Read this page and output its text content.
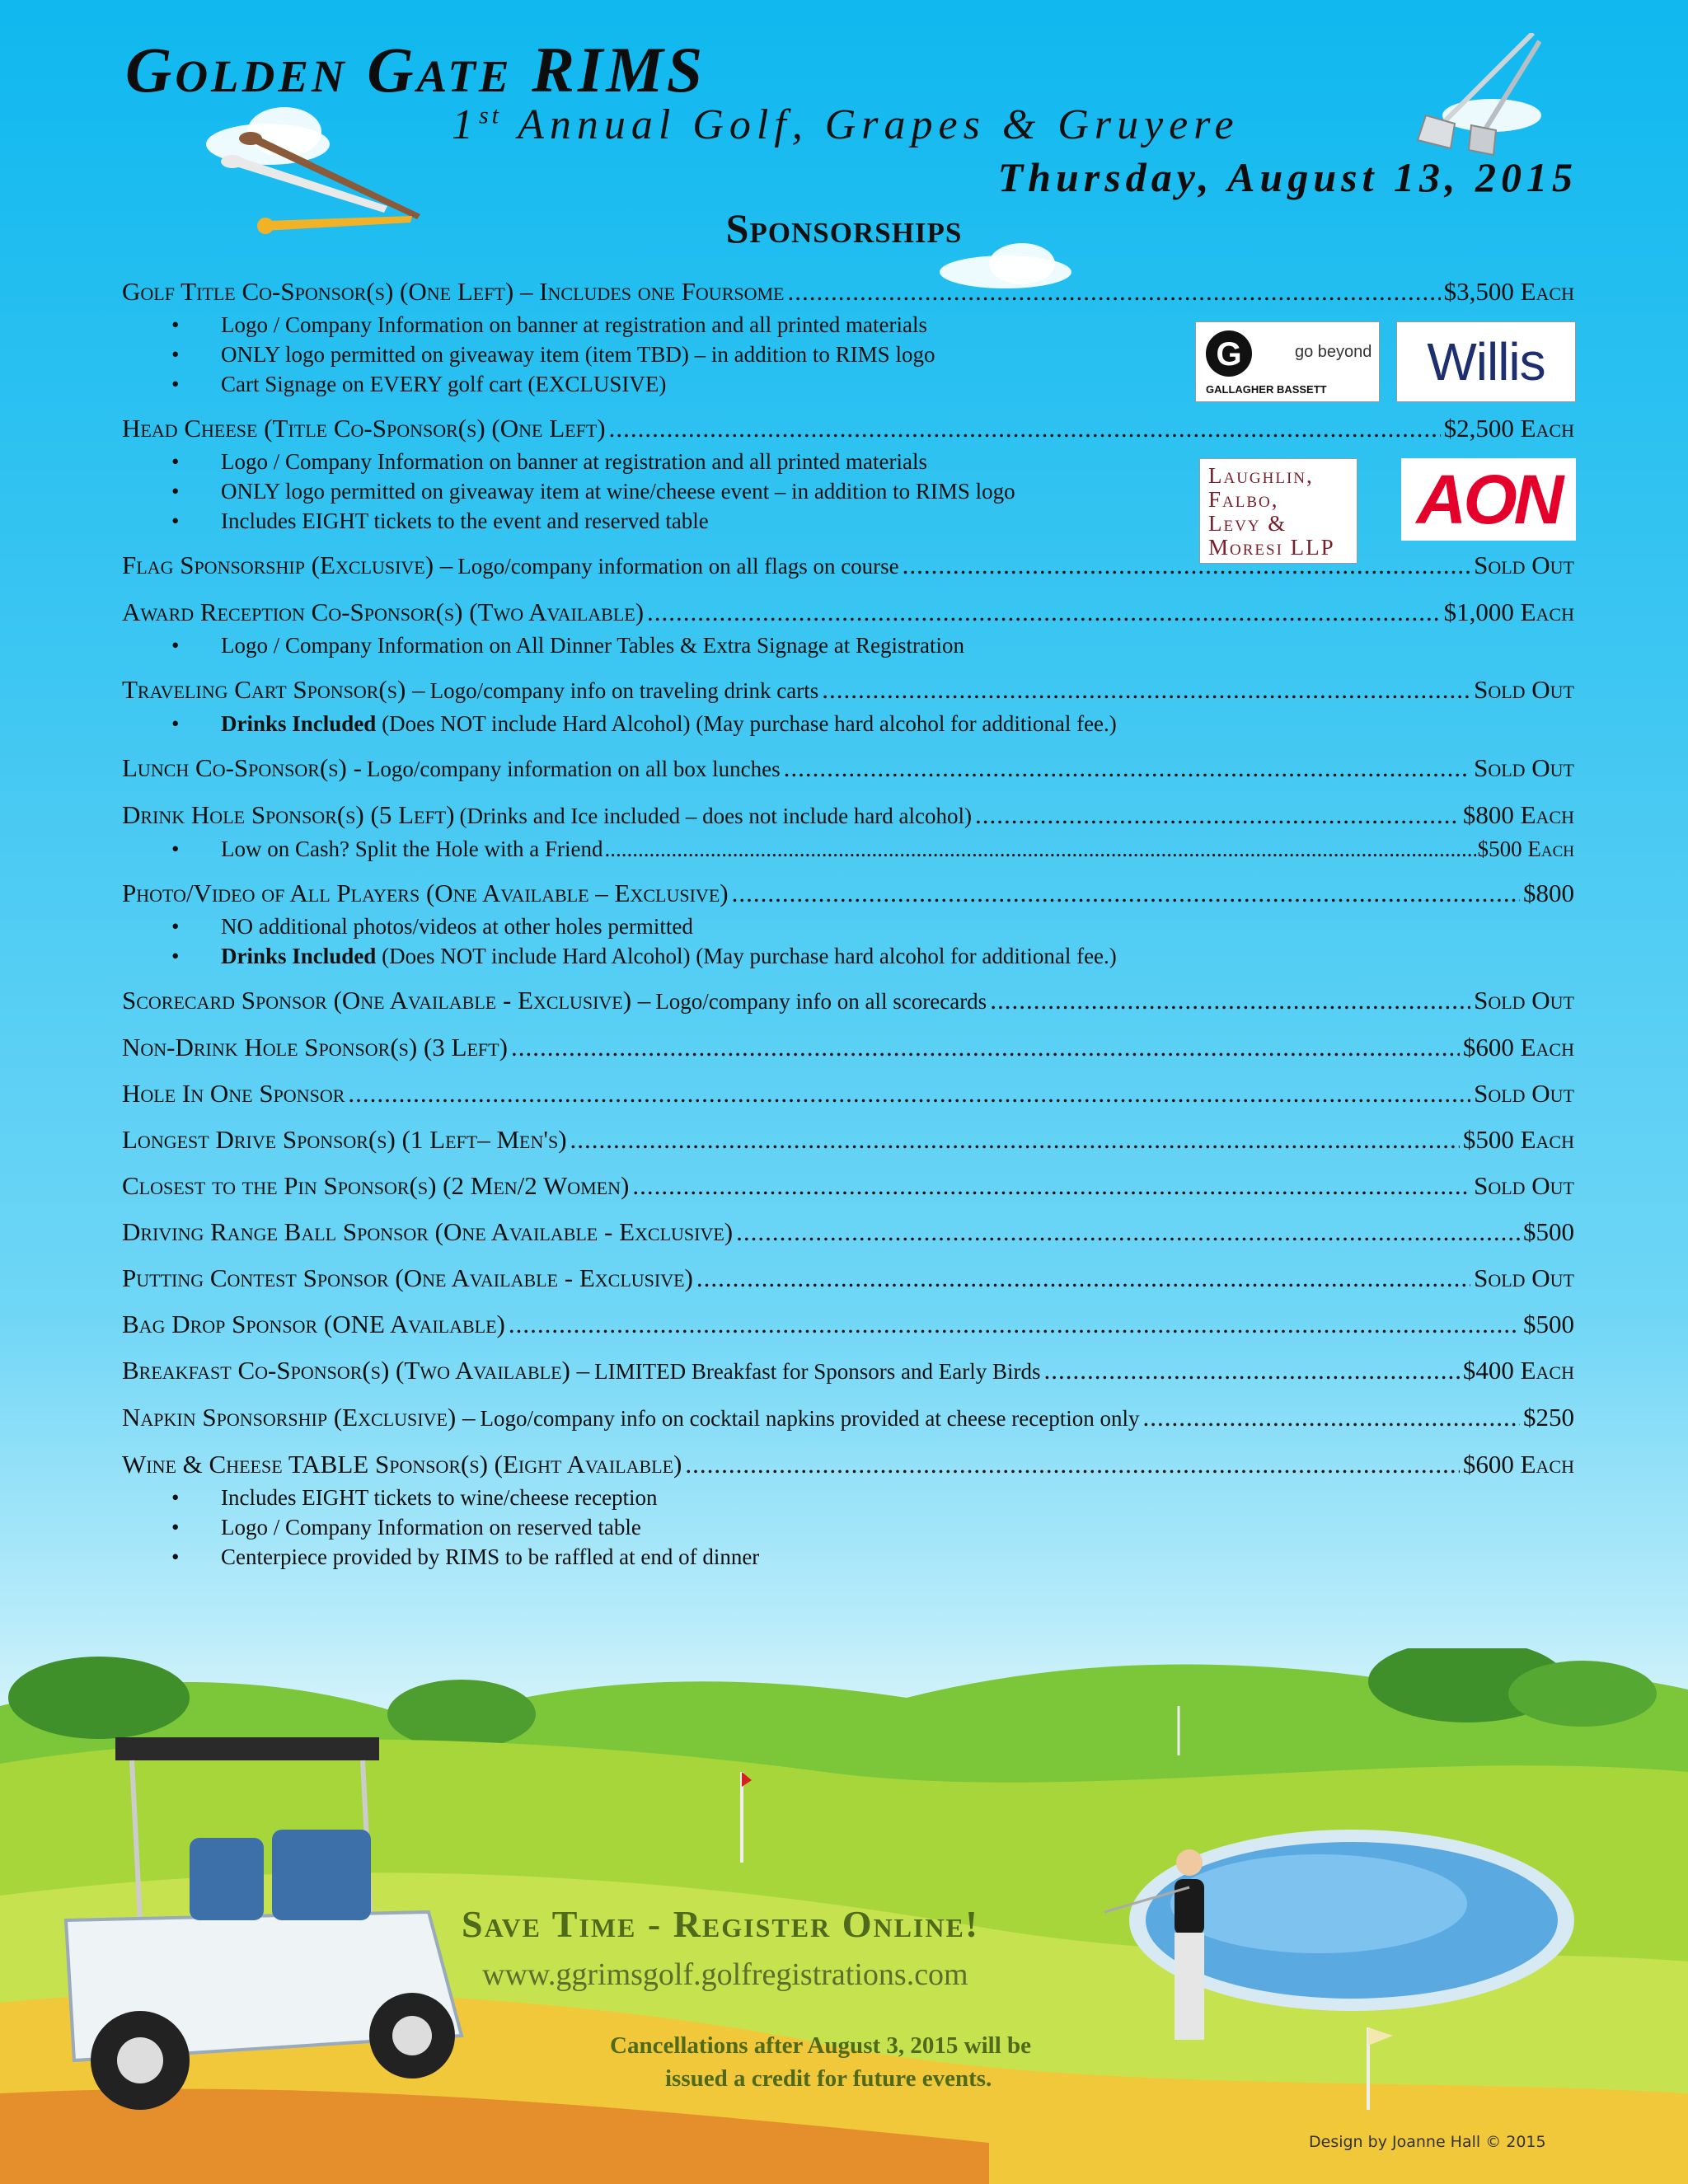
Golden Gate RIMS
1st Annual Golf, Grapes & Gruyere
Thursday, August 13, 2015
Sponsorships
Golf Title Co-Sponsor(s) (One Left) – Includes one Foursome .....	$3,500 Each
• Logo / Company Information on banner at registration and all printed materials
• ONLY logo permitted on giveaway item (item TBD) – in addition to RIMS logo
• Cart Signage on EVERY golf cart (EXCLUSIVE)
Head Cheese (Title Co-Sponsor(s) (One Left) .....	$2,500 Each
• Logo / Company Information on banner at registration and all printed materials
• ONLY logo permitted on giveaway item at wine/cheese event – in addition to RIMS logo
• Includes EIGHT tickets to the event and reserved table
Flag Sponsorship (Exclusive) – Logo/company information on all flags on course .....	Sold Out
Award Reception Co-Sponsor(s) (Two Available) .....	$1,000 Each
• Logo / Company Information on All Dinner Tables & Extra Signage at Registration
Traveling Cart Sponsor(s) – Logo/company info on traveling drink carts .....	Sold Out
• Drinks Included (Does NOT include Hard Alcohol) (May purchase hard alcohol for additional fee.)
Lunch Co-Sponsor(s) - Logo/company information on all box lunches .....	Sold Out
Drink Hole Sponsor(s) (5 Left) (Drinks and Ice included – does not include hard alcohol) .....	$800 Each
• Low on Cash? Split the Hole with a Friend .....	$500 Each
Photo/Video of All Players (One Available – Exclusive) .....	$800
• NO additional photos/videos at other holes permitted
• Drinks Included (Does NOT include Hard Alcohol) (May purchase hard alcohol for additional fee.)
Scorecard Sponsor (One Available - Exclusive) – Logo/company info on all scorecards .....	Sold Out
Non-Drink Hole Sponsor(s) (3 Left) .....	$600 Each
Hole In One Sponsor .....	Sold Out
Longest Drive Sponsor(s) (1 Left– Men's) .....	$500 Each
Closest to the Pin Sponsor(s) (2 Men/2 Women) .....	Sold Out
Driving Range Ball Sponsor (One Available - Exclusive) .....	$500
Putting Contest Sponsor (One Available - Exclusive) .....	Sold Out
Bag Drop Sponsor (ONE Available) .....	$500
Breakfast Co-Sponsor(s) (Two Available) – LIMITED Breakfast for Sponsors and Early Birds .....	$400 Each
Napkin Sponsorship (Exclusive) – Logo/company info on cocktail napkins provided at cheese reception only .....	$250
Wine & Cheese TABLE Sponsor(s) (Eight Available) .....	$600 Each
• Includes EIGHT tickets to wine/cheese reception
• Logo / Company Information on reserved table
• Centerpiece provided by RIMS to be raffled at end of dinner
G	go beyond
GALLAGHER BASSETT Willis
Laughlin,
Falbo,
Levy &
Moresi LLP
AON
Save Time - Register Online!
www.ggrimsgolf.golfregistrations.com
Cancellations after August 3, 2015 will be
issued a credit for future events.
Design by Joanne Hall © 2015
